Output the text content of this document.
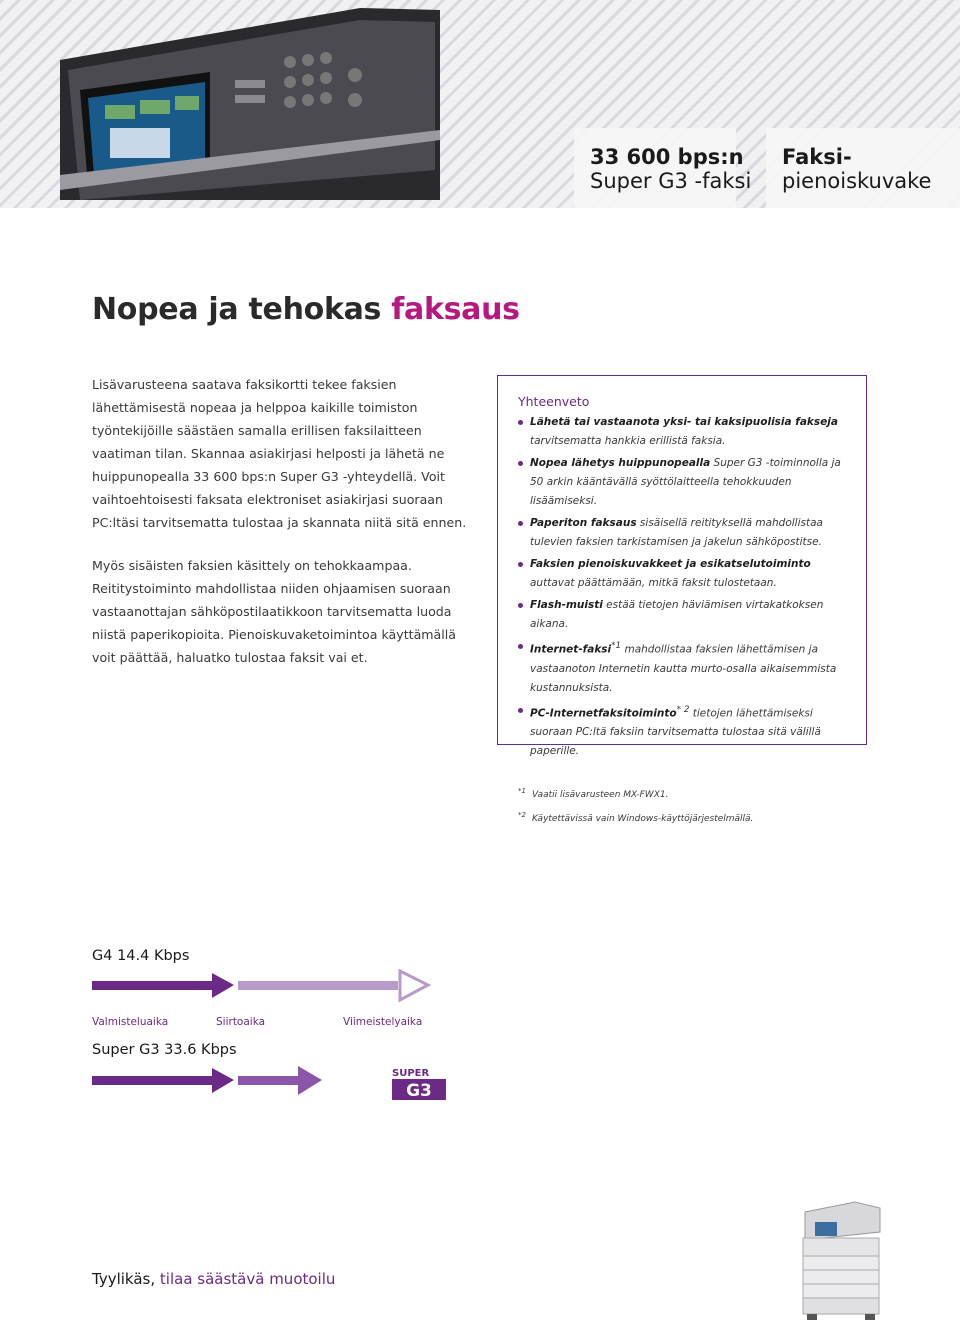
33 600 bps:n
Super G3 -faksi
Faksi-
pienoiskuvake
Nopea ja tehokas faksaus

Lisävarusteena saatava faksikortti tekee faksien lähettämisestä nopeaa ja helppoa kaikille toimiston työntekijöille säästäen samalla erillisen faksilaitteen vaatiman tilan. Skannaa asiakirjasi helposti ja lähetä ne huippunopealla 33 600 bps:n Super G3 -yhteydellä. Voit vaihtoehtoisesti faksata elektroniset asiakirjasi suoraan PC:ltäsi tarvitsematta tulostaa ja skannata niitä sitä ennen.

Myös sisäisten faksien käsittely on tehokkaampaa. Reititystoiminto mahdollistaa niiden ohjaamisen suoraan vastaanottajan sähköpostilaatikkoon tarvitsematta luoda niistä paperikopioita. Pienoiskuvaketoimintoa käyttämällä voit päättää, haluatko tulostaa faksit vai et.

Yhteenveto
Lähetä tai vastaanota yksi- tai kaksipuolisia fakseja tarvitsematta hankkia erillistä faksia.
Nopea lähetys huippunopealla Super G3 -toiminnolla ja 50 arkin kääntävällä syöttölaitteella tehokkuuden lisäämiseksi.
Paperiton faksaus sisäisellä reitityksellä mahdollistaa tulevien faksien tarkistamisen ja jakelun sähköpostitse.
Faksien pienoiskuvakkeet ja esikatselutoiminto auttavat päättämään, mitkä faksit tulostetaan.
Flash-muisti estää tietojen häviämisen virtakatkoksen aikana.
Internet-faksi$^{*1}$ mahdollistaa faksien lähettämisen ja vastaanoton Internetin kautta murto-osalla aikaisemmista kustannuksista.
PC-Internetfaksitoiminto$^{* 2}$ tietojen lähettämiseksi suoraan PC:ltä faksiin tarvitsematta tulostaa sitä välillä paperille.
$^{*1}$ Vaatii lisävarusteen MX-FWX1.
$^{*2}$ Käytettävissä vain Windows-käyttöjärjestelmällä.
G4 14.4 Kbps
Valmisteluaika	Siirtoaika	Viimeistelyaika
Super G3 33.6 Kbps
SUPER
G3
Tyylikäs, tilaa säästävä muotoilu
